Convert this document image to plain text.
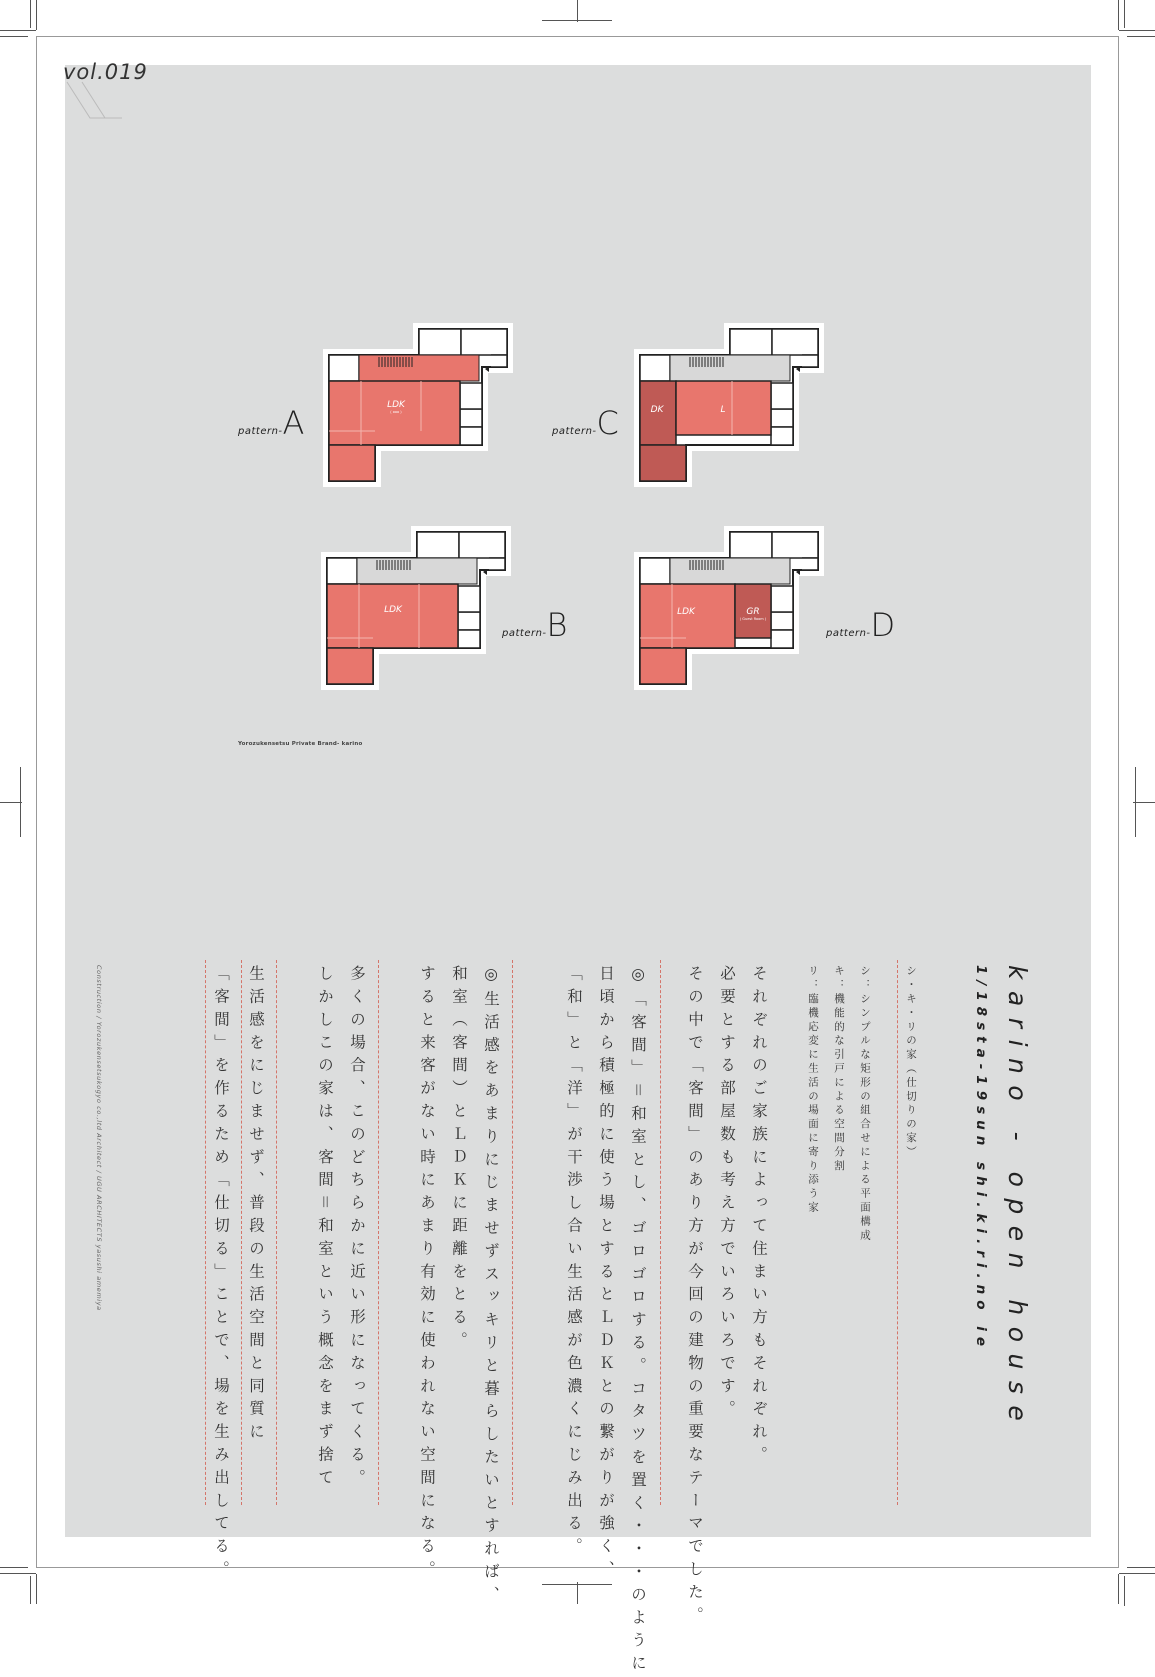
vol.019
LDK
( ooo )
pattern-A	DK	L
pattern-C
LDK
pattern-B	LDK	GR
( Guest Room )
pattern-D
Yorozukensetsu Private Brand- karino
karino - open house
1/18sta-19sun shi.ki.ri.no ie
シ・キ・リの家（仕切りの家）
シ：シンプルな矩形の組合せによる平面構成
キ：機能的な引戸による空間分割
リ：臨機応変に生活の場面に寄り添う家
それぞれのご家族によって住まい方もそれぞれ。
必要とする部屋数も考え方でいろいろです。
その中で「客間」のあり方が今回の建物の重要なテーマでした。
◎「客間」＝和室とし、ゴロゴロする。コタツを置く・・・のように
日頃から積極的に使う場とするとＬＤＫとの繋がりが強く、
「和」と「洋」が干渉し合い生活感が色濃くにじみ出る。
◎生活感をあまりにじませずスッキリと暮らしたいとすれば、
和室（客間）とＬＤＫに距離をとる。
すると来客がない時にあまり有効に使われない空間になる。
多くの場合、このどちらかに近い形になってくる。
しかしこの家は、客間＝和室という概念をまず捨て
生活感をにじませず、普段の生活空間と同質に
「客間」を作るため「仕切る」ことで、場を生み出してる。
Construction / Yorozukensetsukogyo co.,ltd Architect / UGU ARCHITECTS yasushi amemiya
